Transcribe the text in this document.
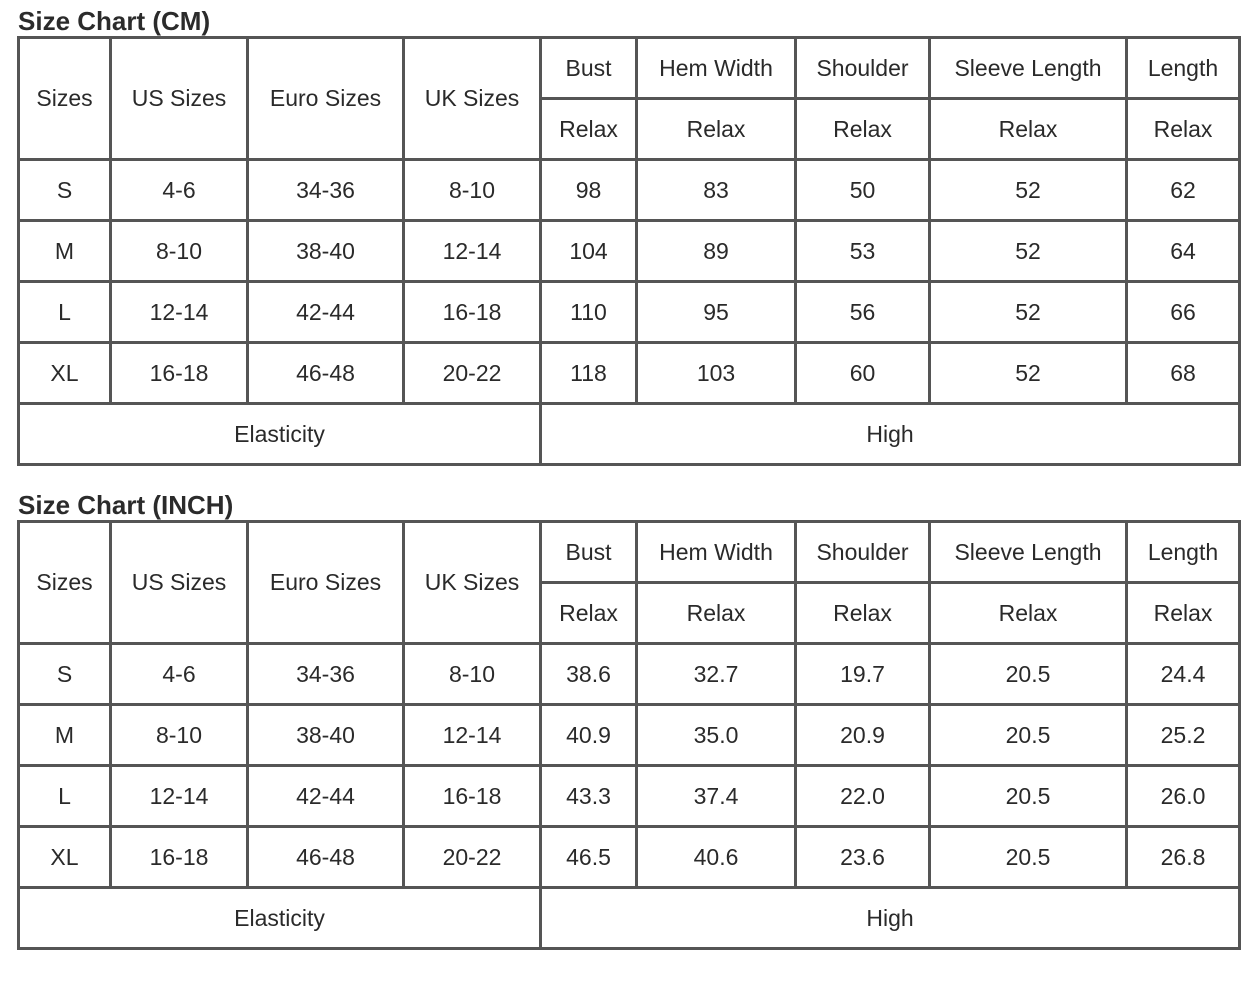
Size Chart (CM)
Sizes	US Sizes	Euro Sizes	UK Sizes	Bust	Hem Width	Shoulder	Sleeve Length	Length
				Relax	Relax	Relax	Relax	Relax
S	4-6	34-36	8-10	98	83	50	52	62
M	8-10	38-40	12-14	104	89	53	52	64
L	12-14	42-44	16-18	110	95	56	52	66
XL	16-18	46-48	20-22	118	103	60	52	68
Elasticity				High				
Size Chart (INCH)
Sizes	US Sizes	Euro Sizes	UK Sizes	Bust	Hem Width	Shoulder	Sleeve Length	Length
				Relax	Relax	Relax	Relax	Relax
S	4-6	34-36	8-10	38.6	32.7	19.7	20.5	24.4
M	8-10	38-40	12-14	40.9	35.0	20.9	20.5	25.2
L	12-14	42-44	16-18	43.3	37.4	22.0	20.5	26.0
XL	16-18	46-48	20-22	46.5	40.6	23.6	20.5	26.8
Elasticity				High				
